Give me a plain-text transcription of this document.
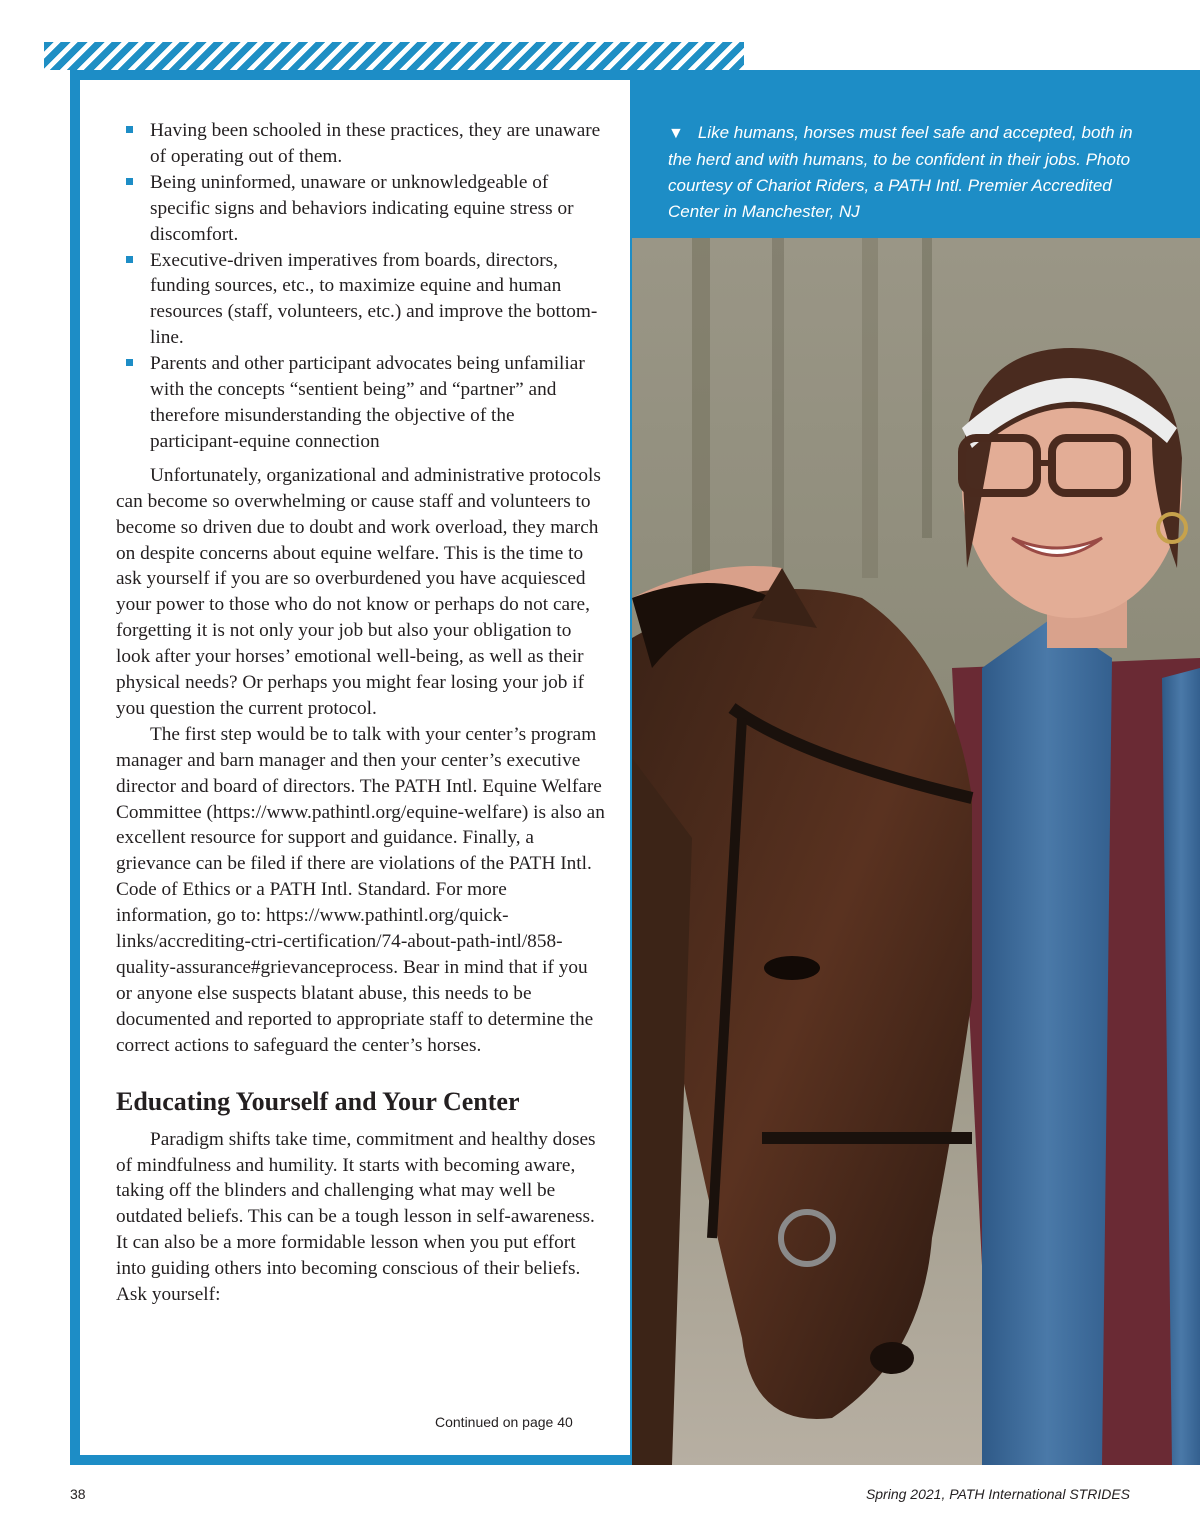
Having been schooled in these practices, they are unaware of operating out of them.
Being uninformed, unaware or unknowledgeable of specific signs and behaviors indicating equine stress or discomfort.
Executive-driven imperatives from boards, directors, funding sources, etc., to maximize equine and human resources (staff, volunteers, etc.) and improve the bottom-line.
Parents and other participant advocates being unfamiliar with the concepts “sentient being” and “partner” and therefore misunderstanding the objective of the participant-equine connection

Unfortunately, organizational and administrative protocols can become so overwhelming or cause staff and volunteers to become so driven due to doubt and work overload, they march on despite concerns about equine welfare. This is the time to ask yourself if you are so overburdened you have acquiesced your power to those who do not know or perhaps do not care, forgetting it is not only your job but also your obligation to look after your horses’ emotional well-being, as well as their physical needs? Or perhaps you might fear losing your job if you question the current protocol.

The first step would be to talk with your center’s program manager and barn manager and then your center’s executive director and board of directors. The PATH Intl. Equine Welfare Committee (https://www.pathintl.org/equine-welfare) is also an excellent resource for support and guidance. Finally, a grievance can be filed if there are violations of the PATH Intl. Code of Ethics or a PATH Intl. Standard. For more information, go to: https://www.pathintl.org/quick-links/accrediting-ctri-certification/74-about-path-intl/858-quality-assurance#grievanceprocess. Bear in mind that if you or anyone else suspects blatant abuse, this needs to be documented and reported to appropriate staff to determine the correct actions to safeguard the center’s horses.

Educating Yourself and Your Center

Paradigm shifts take time, commitment and healthy doses of mindfulness and humility. It starts with becoming aware, taking off the blinders and challenging what may well be outdated beliefs. This can be a tough lesson in self-awareness. It can also be a more formidable lesson when you put effort into guiding others into becoming conscious of their beliefs. Ask yourself:

Continued on page 40
▼ Like humans, horses must feel safe and accepted, both in the herd and with humans, to be confident in their jobs. Photo courtesy of Chariot Riders, a PATH Intl. Premier Accredited Center in Manchester, NJ
38	Spring 2021, PATH International STRIDES
